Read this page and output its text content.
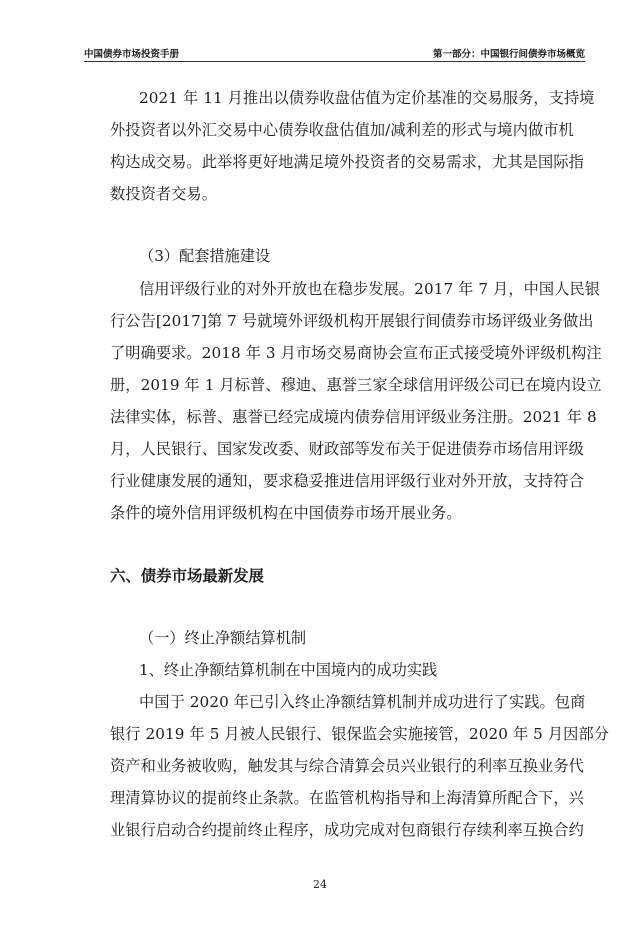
中国债券市场投资手册	第一部分：中国银行间债券市场概览
2021 年 11 月推出以债券收盘估值为定价基准的交易服务，支持境
外投资者以外汇交易中心债券收盘估值加/减利差的形式与境内做市机
构达成交易。此举将更好地满足境外投资者的交易需求，尤其是国际指
数投资者交易。
（3）配套措施建设
信用评级行业的对外开放也在稳步发展。2017 年 7 月，中国人民银
行公告[2017]第 7 号就境外评级机构开展银行间债券市场评级业务做出
了明确要求。2018 年 3 月市场交易商协会宣布正式接受境外评级机构注
册，2019 年 1 月标普、穆迪、惠誉三家全球信用评级公司已在境内设立
法律实体，标普、惠誉已经完成境内债券信用评级业务注册。2021 年 8
月，人民银行、国家发改委、财政部等发布关于促进债券市场信用评级
行业健康发展的通知，要求稳妥推进信用评级行业对外开放，支持符合
条件的境外信用评级机构在中国债券市场开展业务。
六、债券市场最新发展
（一）终止净额结算机制
1、终止净额结算机制在中国境内的成功实践
中国于 2020 年已引入终止净额结算机制并成功进行了实践。包商
银行 2019 年 5 月被人民银行、银保监会实施接管，2020 年 5 月因部分
资产和业务被收购，触发其与综合清算会员兴业银行的利率互换业务代
理清算协议的提前终止条款。在监管机构指导和上海清算所配合下，兴
业银行启动合约提前终止程序，成功完成对包商银行存续利率互换合约
24
